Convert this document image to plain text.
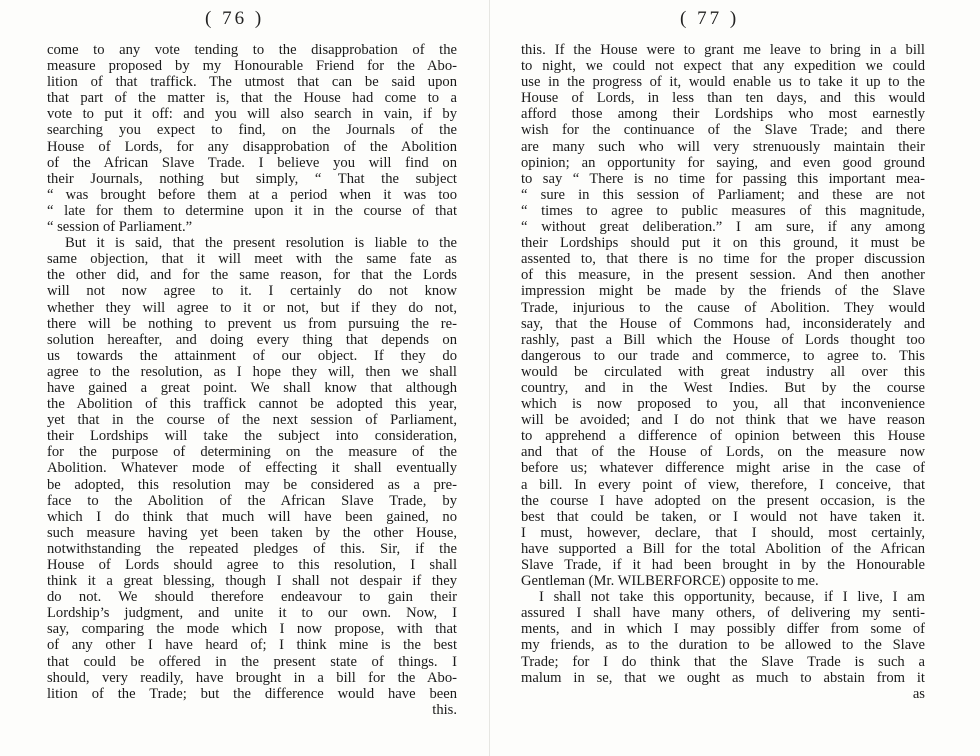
( 76 )
come to any vote tending to the disapprobation of the
measure proposed by my Honourable Friend for the Abo-
lition of that traffick. The utmost that can be said upon
that part of the matter is, that the House had come to a
vote to put it off: and you will also search in vain, if by
searching you expect to find, on the Journals of the
House of Lords, for any disapprobation of the Abolition
of the African Slave Trade. I believe you will find on
their Journals, nothing but simply, “ That the subject
“ was brought before them at a period when it was too
“ late for them to determine upon it in the course of that
“ session of Parliament.”
But it is said, that the present resolution is liable to the
same objection, that it will meet with the same fate as
the other did, and for the same reason, for that the Lords
will not now agree to it. I certainly do not know
whether they will agree to it or not, but if they do not,
there will be nothing to prevent us from pursuing the re-
solution hereafter, and doing every thing that depends on
us towards the attainment of our object. If they do
agree to the resolution, as I hope they will, then we shall
have gained a great point. We shall know that although
the Abolition of this traffick cannot be adopted this year,
yet that in the course of the next session of Parliament,
their Lordships will take the subject into consideration,
for the purpose of determining on the measure of the
Abolition. Whatever mode of effecting it shall eventually
be adopted, this resolution may be considered as a pre-
face to the Abolition of the African Slave Trade, by
which I do think that much will have been gained, no
such measure having yet been taken by the other House,
notwithstanding the repeated pledges of this. Sir, if the
House of Lords should agree to this resolution, I shall
think it a great blessing, though I shall not despair if they
do not. We should therefore endeavour to gain their
Lordship’s judgment, and unite it to our own. Now, I
say, comparing the mode which I now propose, with that
of any other I have heard of; I think mine is the best
that could be offered in the present state of things. I
should, very readily, have brought in a bill for the Abo-
lition of the Trade; but the difference would have been
this.
( 77 )
this. If the House were to grant me leave to bring in a bill
to night, we could not expect that any expedition we could
use in the progress of it, would enable us to take it up to the
House of Lords, in less than ten days, and this would
afford those among their Lordships who most earnestly
wish for the continuance of the Slave Trade; and there
are many such who will very strenuously maintain their
opinion; an opportunity for saying, and even good ground
to say “ There is no time for passing this important mea-
“ sure in this session of Parliament; and these are not
“ times to agree to public measures of this magnitude,
“ without great deliberation.” I am sure, if any among
their Lordships should put it on this ground, it must be
assented to, that there is no time for the proper discussion
of this measure, in the present session. And then another
impression might be made by the friends of the Slave
Trade, injurious to the cause of Abolition. They would
say, that the House of Commons had, inconsiderately and
rashly, past a Bill which the House of Lords thought too
dangerous to our trade and commerce, to agree to. This
would be circulated with great industry all over this
country, and in the West Indies. But by the course
which is now proposed to you, all that inconvenience
will be avoided; and I do not think that we have reason
to apprehend a difference of opinion between this House
and that of the House of Lords, on the measure now
before us; whatever difference might arise in the case of
a bill. In every point of view, therefore, I conceive, that
the course I have adopted on the present occasion, is the
best that could be taken, or I would not have taken it.
I must, however, declare, that I should, most certainly,
have supported a Bill for the total Abolition of the African
Slave Trade, if it had been brought in by the Honourable
Gentleman (Mr. WILBERFORCE) opposite to me.
I shall not take this opportunity, because, if I live, I am
assured I shall have many others, of delivering my senti-
ments, and in which I may possibly differ from some of
my friends, as to the duration to be allowed to the Slave
Trade; for I do think that the Slave Trade is such a
malum in se, that we ought as much to abstain from it
as
